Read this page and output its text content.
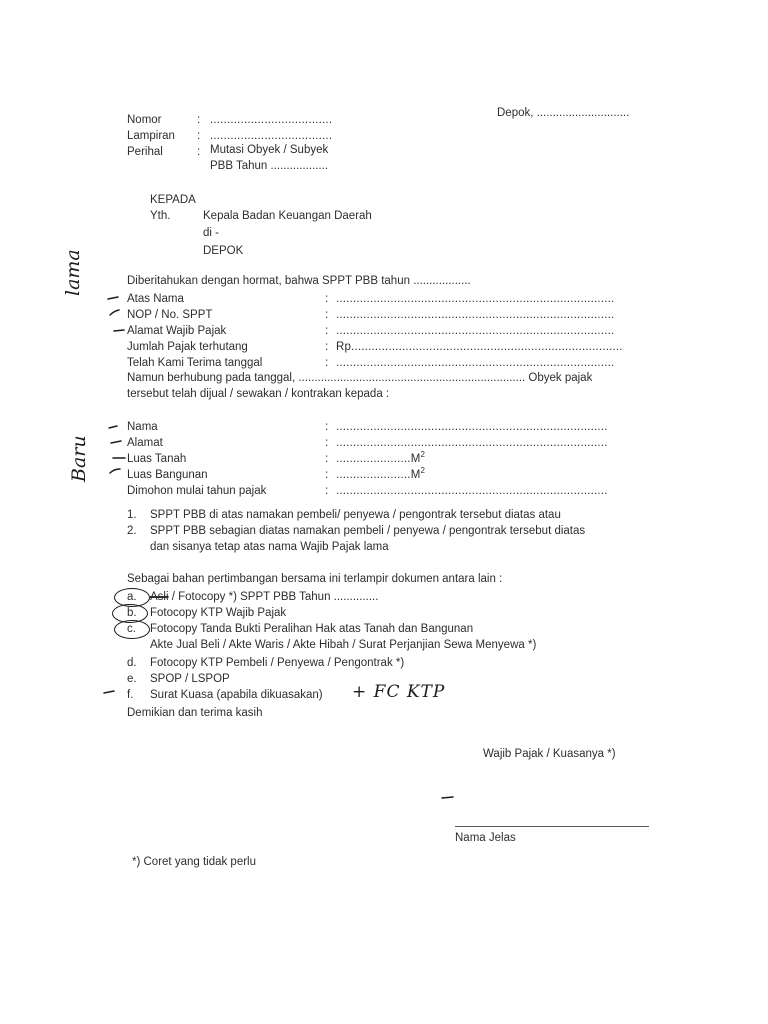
Nomor	: ....................................
Lampiran : ....................................
Perihal	: Mutasi Obyek / Subyek
PBB Tahun ..................
Depok, .............................
KEPADA
Yth.	Kepala Badan Keuangan Daerah
di -
DEPOK
Diberitahukan dengan hormat, bahwa SPPT PBB tahun ..................
Atas Nama	: ..................................................................................
NOP / No. SPPT	: ..................................................................................
Alamat Wajib Pajak	: ..................................................................................
Jumlah Pajak terhutang	: Rp................................................................................
Telah Kami Terima tanggal	: ..................................................................................
Namun berhubung pada tanggal, ....................................................................... Obyek pajak
tersebut telah dijual / sewakan / kontrakan kepada :
Nama	: ................................................................................
Alamat	: ................................................................................
Luas Tanah	: $......................M^2$
Luas Bangunan	: $......................M^2$
Dimohon mulai tahun pajak	: ................................................................................
1. SPPT PBB di atas namakan pembeli/ penyewa / pengontrak tersebut diatas atau
2. SPPT PBB sebagian diatas namakan pembeli / penyewa / pengontrak tersebut diatas
dan sisanya tetap atas nama Wajib Pajak lama
Sebagai bahan pertimbangan bersama ini terlampir dokumen antara lain :
a. Asli / Fotocopy *) SPPT PBB Tahun ..............
b. Fotocopy KTP Wajib Pajak
c. Fotocopy Tanda Bukti Peralihan Hak atas Tanah dan Bangunan
Akte Jual Beli / Akte Waris / Akte Hibah / Surat Perjanjian Sewa Menyewa *)
d. Fotocopy KTP Pembeli / Penyewa / Pengontrak *)
e. SPOP / LSPOP
f. Surat Kuasa (apabila dikuasakan)
Demikian dan terima kasih
Wajib Pajak / Kuasanya *)
Nama Jelas
*) Coret yang tidak perlu
lama
Baru
+ FC KTP
